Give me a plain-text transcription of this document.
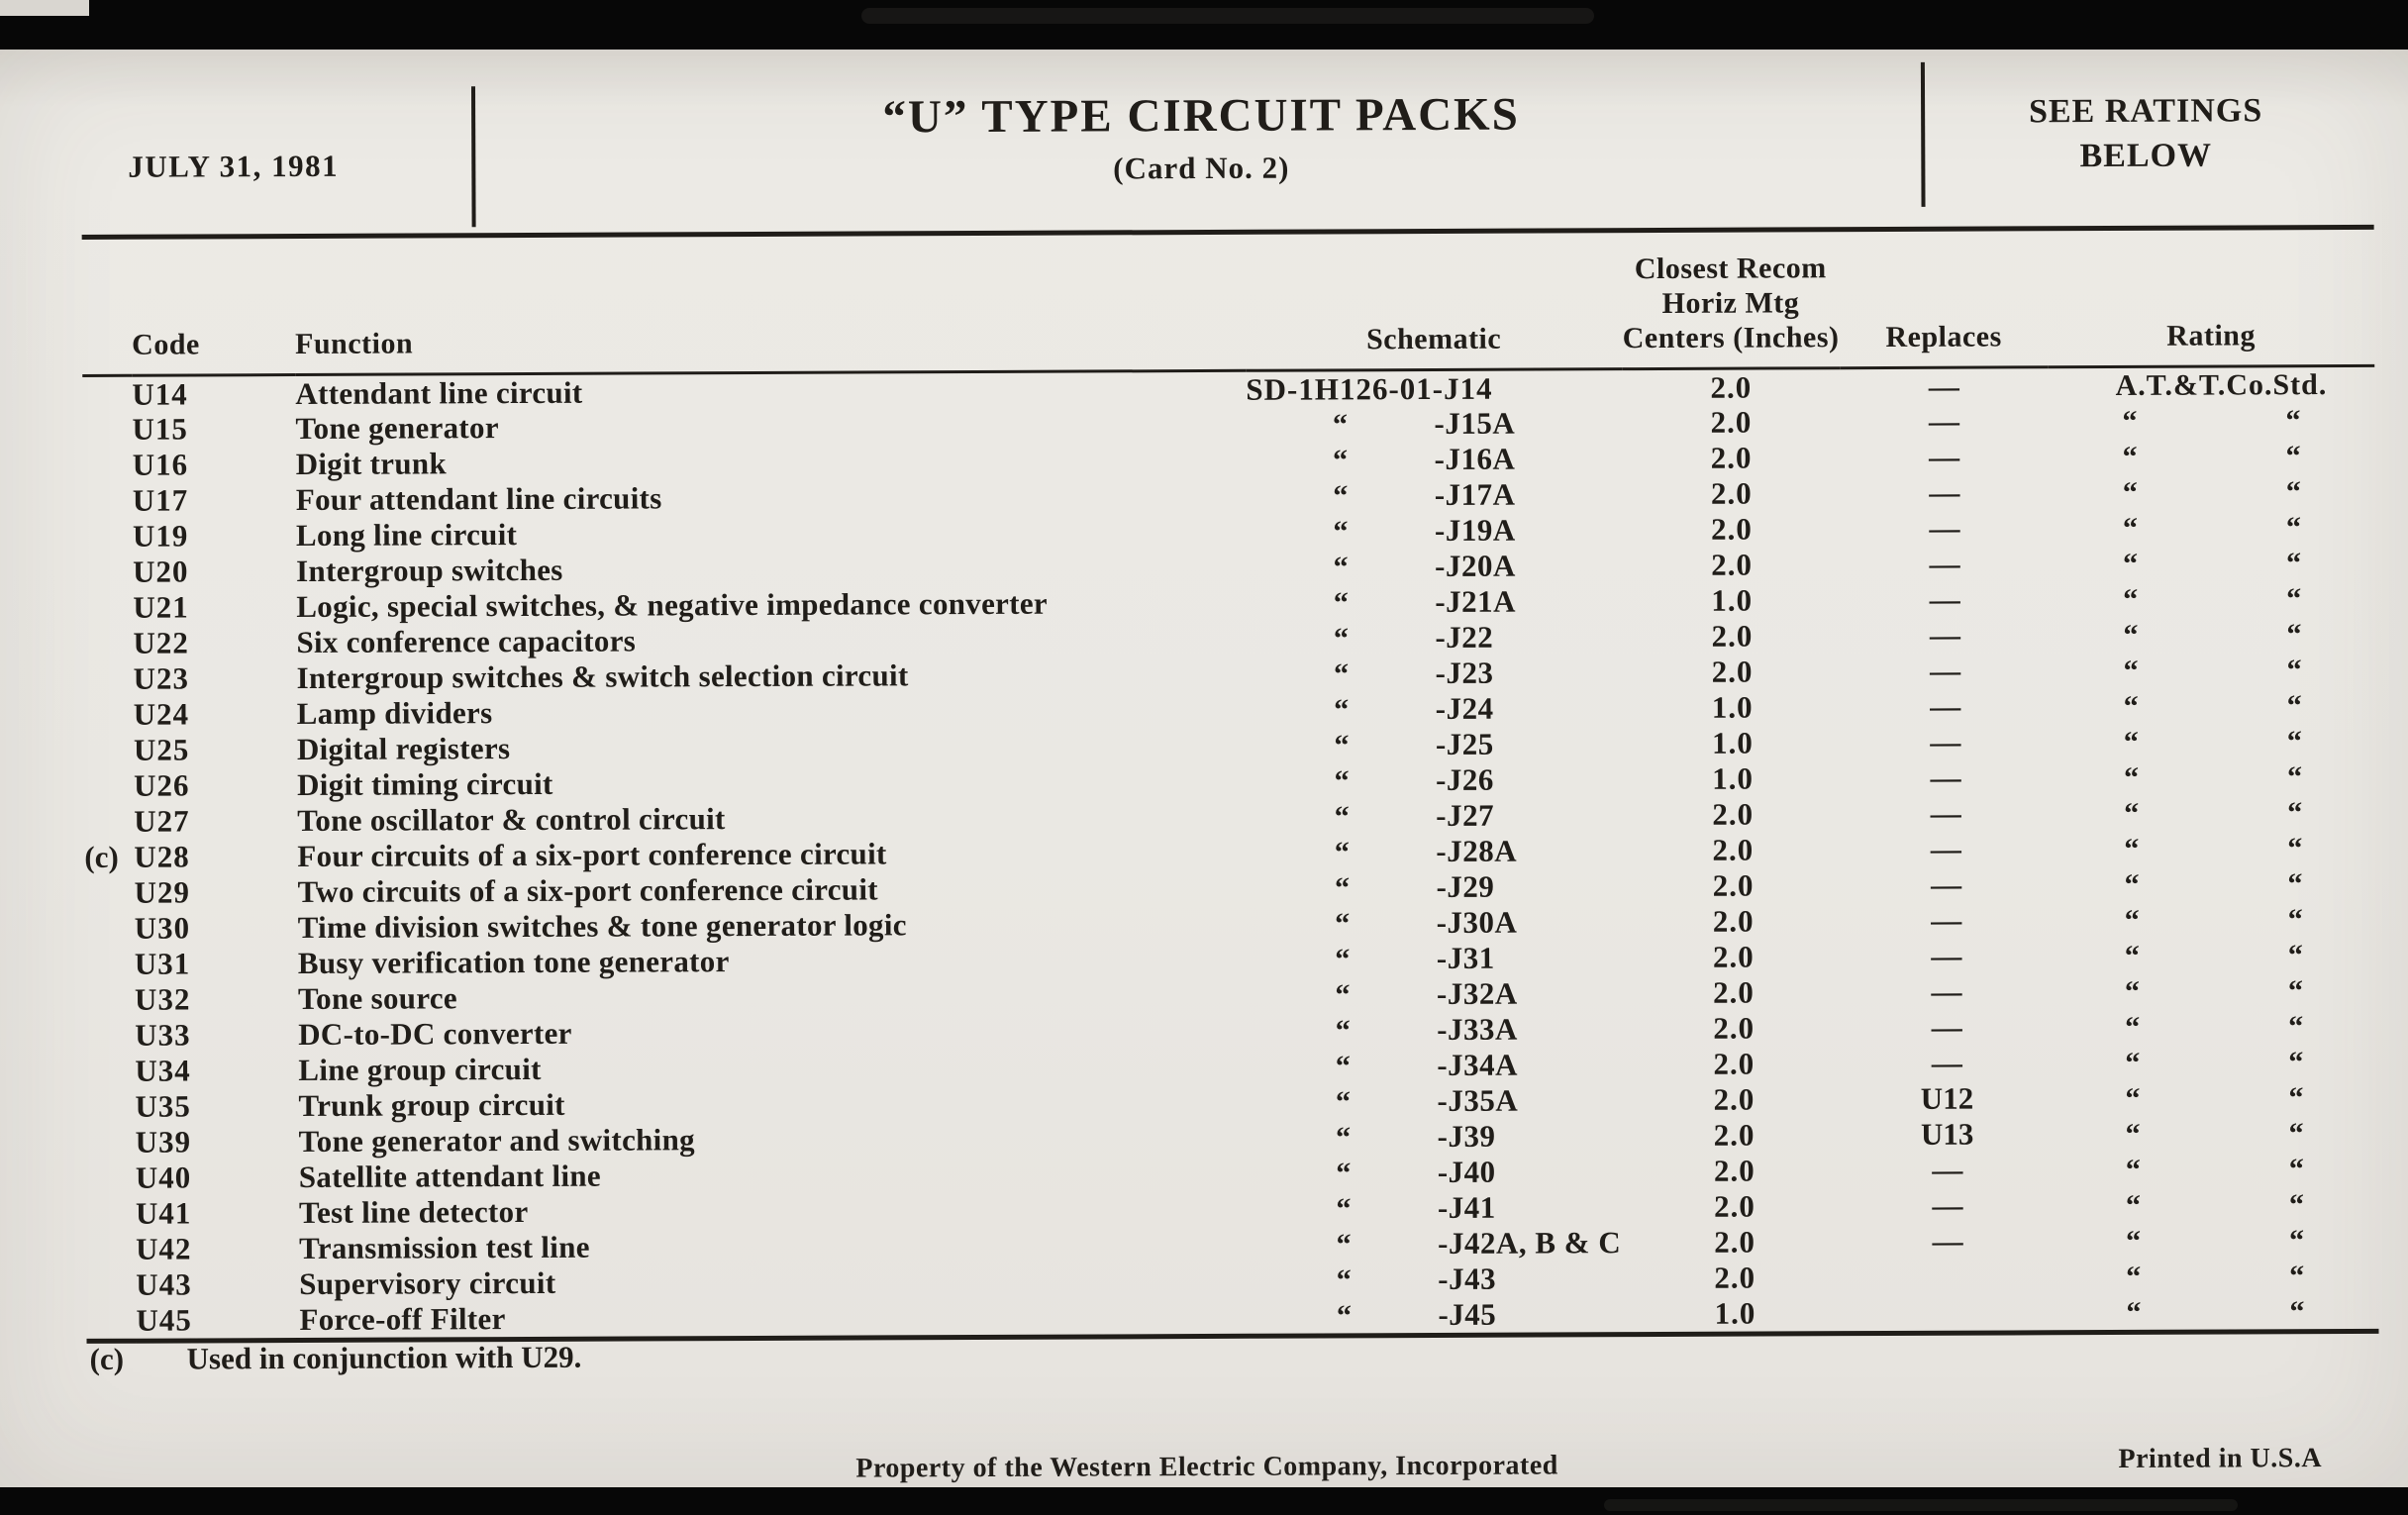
JULY 31, 1981
“U” TYPE CIRCUIT PACKS
(Card No. 2)
SEE RATINGS
BELOW
	Code	Function	Schematic	Closest Recom
Horiz Mtg
Centers (Inches)	Replaces	Rating
	U14	Attendant line circuit	SD-1H126-01-J14	2.0	—	A.T.&T.Co.Std.

	U15	Tone generator	“ -J15A	2.0	—	“ “
	U16	Digit trunk	“ -J16A	2.0	—	“ “
	U17	Four attendant line circuits	“ -J17A	2.0	—	“ “
	U19	Long line circuit	“ -J19A	2.0	—	“ “
	U20	Intergroup switches	“ -J20A	2.0	—	“ “
	U21	Logic, special switches, & negative impedance converter	“ -J21A	1.0	—	“ “
	U22	Six conference capacitors	“ -J22	2.0	—	“ “
	U23	Intergroup switches & switch selection circuit	“ -J23	2.0	—	“ “
	U24	Lamp dividers	“ -J24	1.0	—	“ “
	U25	Digital registers	“ -J25	1.0	—	“ “
	U26	Digit timing circuit	“ -J26	1.0	—	“ “
	U27	Tone oscillator & control circuit	“ -J27	2.0	—	“ “
(c)	U28	Four circuits of a six-port conference circuit	“ -J28A	2.0	—	“ “
	U29	Two circuits of a six-port conference circuit	“ -J29	2.0	—	“ “
	U30	Time division switches & tone generator logic	“ -J30A	2.0	—	“ “
	U31	Busy verification tone generator	“ -J31	2.0	—	“ “
	U32	Tone source	“ -J32A	2.0	—	“ “
	U33	DC-to-DC converter	“ -J33A	2.0	—	“ “
	U34	Line group circuit	“ -J34A	2.0	—	“ “
	U35	Trunk group circuit	“ -J35A	2.0	U12	“ “
	U39	Tone generator and switching	“ -J39	2.0	U13	“ “
	U40	Satellite attendant line	“ -J40	2.0	—	“ “
	U41	Test line detector	“ -J41	2.0	—	“ “
	U42	Transmission test line	“ -J42A, B & C	2.0	—	“ “
	U43	Supervisory circuit	“ -J43	2.0		“ “
	U45	Force-off Filter	“ -J45	1.0		“ “
(c) Used in conjunction with U29.
Property of the Western Electric Company, Incorporated	Printed in U.S.A
